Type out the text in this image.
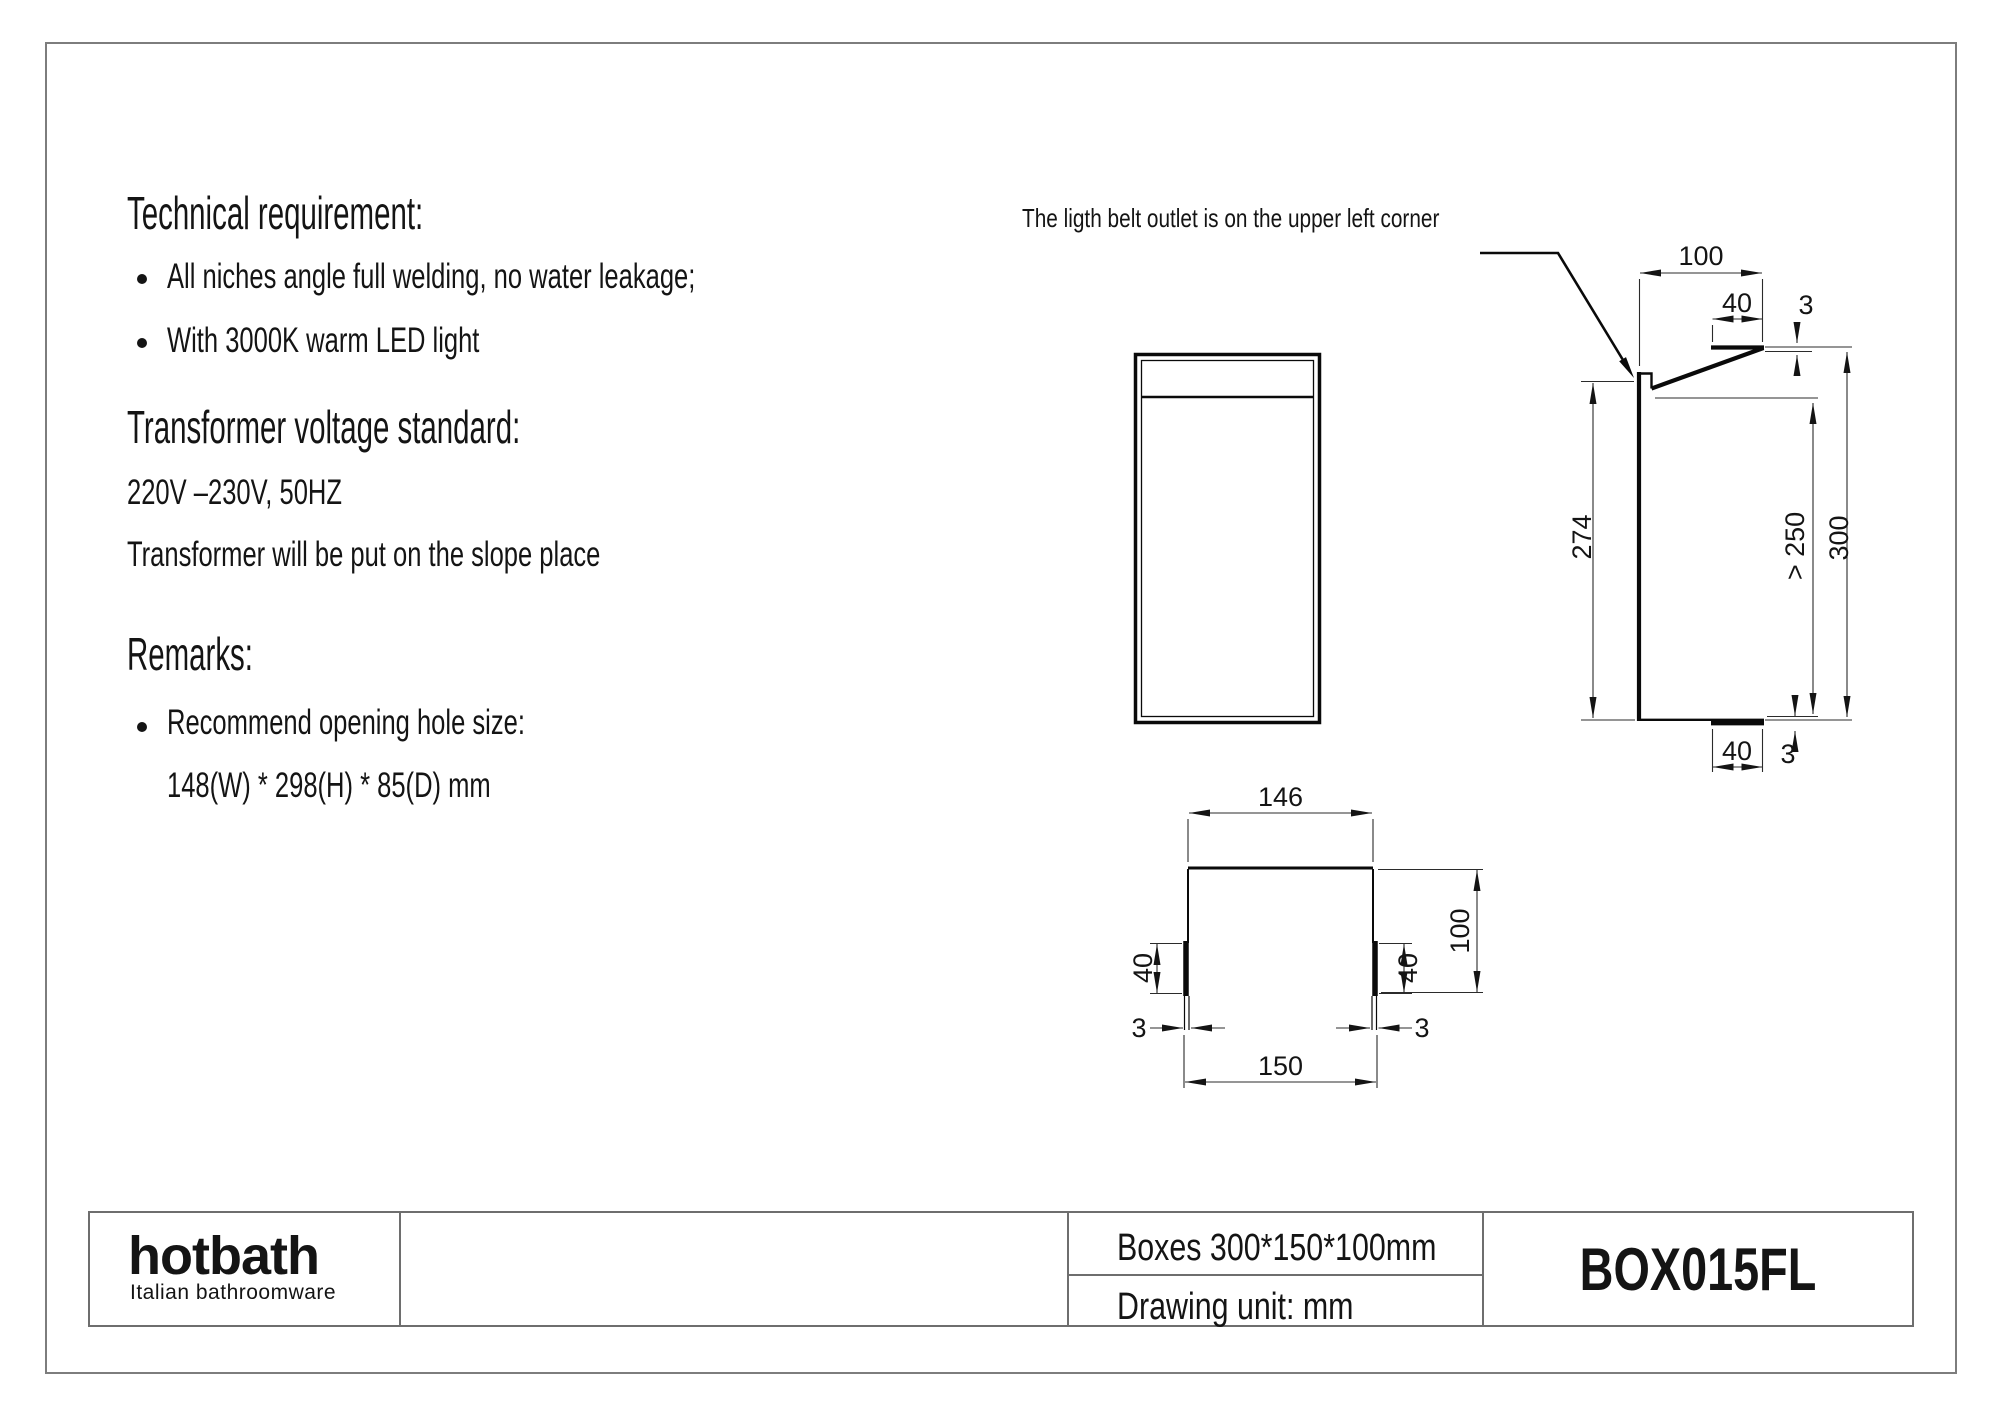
Technical requirement:
All niches angle full welding, no water leakage;
With 3000K warm LED light
Transformer voltage standard:
220V –230V, 50HZ
Transformer will be put on the slope place
Remarks:
Recommend opening hole size:
148(W) * 298(H) * 85(D) mm
The ligth belt outlet is on the upper left corner
100
40 3
274	> 250 300
40 3
146
100
40	40
3	3
150
hotbath
Italian bathroomware
Boxes 300*150*100mm
Drawing unit: mm
BOX015FL
